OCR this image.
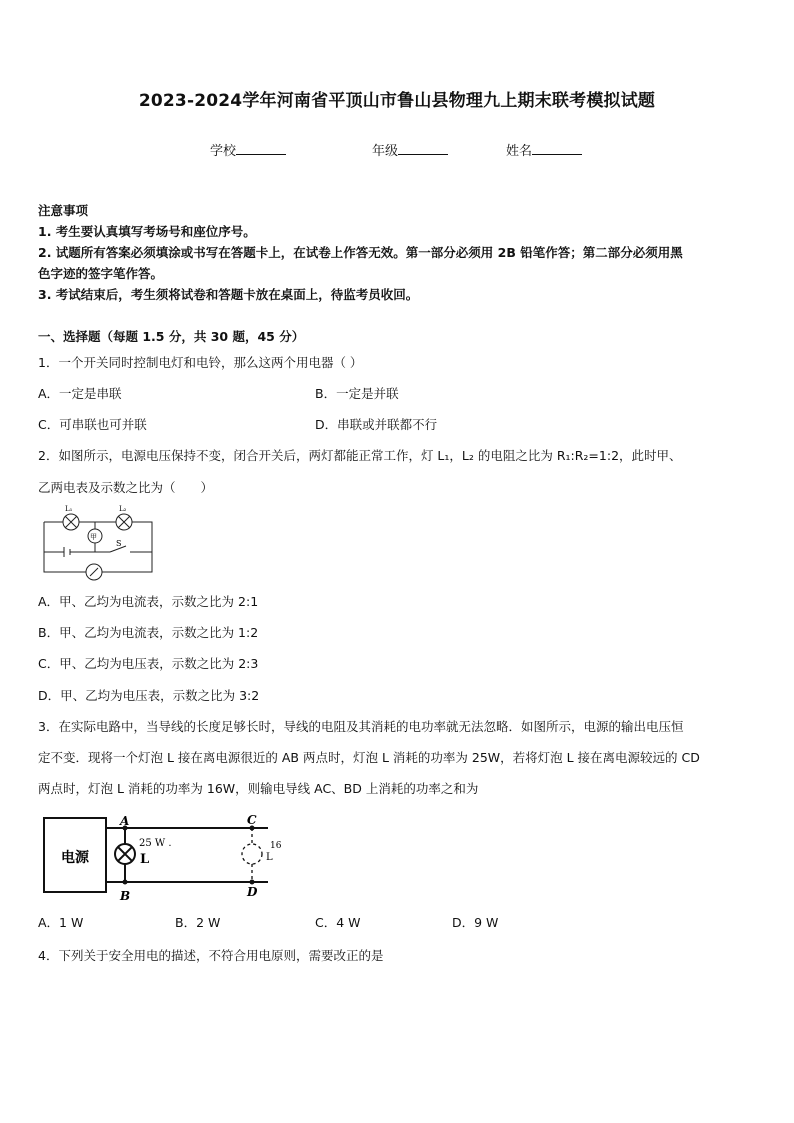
2023-2024学年河南省平顶山市鲁山县物理九上期末联考模拟试题
学校	年级	姓名
注意事项
1. 考生要认真填写考场号和座位序号。
2. 试题所有答案必须填涂或书写在答题卡上，在试卷上作答无效。第一部分必须用 2B 铅笔作答；第二部分必须用黑
色字迹的签字笔作答。
3. 考试结束后，考生须将试卷和答题卡放在桌面上，待监考员收回。
一、选择题（每题 1.5 分，共 30 题，45 分）
1．一个开关同时控制电灯和电铃，那么这两个用电器（ ）
A．一定是串联	B．一定是并联
C．可串联也可并联	D．串联或并联都不行
2．如图所示，电源电压保持不变，闭合开关后，两灯都能正常工作，灯 L₁，L₂ 的电阻之比为 R₁:R₂=1:2，此时甲、
乙两电表及示数之比为（　　）
L₁	L₂
甲
S
A．甲、乙均为电流表，示数之比为 2:1
B．甲、乙均为电流表，示数之比为 1:2
C．甲、乙均为电压表，示数之比为 2:3
D．甲、乙均为电压表，示数之比为 3:2
3．在实际电路中，当导线的长度足够长时，导线的电阻及其消耗的电功率就无法忽略．如图所示，电源的输出电压恒
定不变．现将一个灯泡 L 接在离电源很近的 AB 两点时，灯泡 L 消耗的功率为 25W，若将灯泡 L 接在离电源较远的 CD
两点时，灯泡 L 消耗的功率为 16W，则输电导线 AC、BD 上消耗的功率之和为
电源
A
B
C
D
L	L
25 W .	16
A．1 W	B．2 W	C．4 W	D．9 W
4．下列关于安全用电的描述，不符合用电原则，需要改正的是
